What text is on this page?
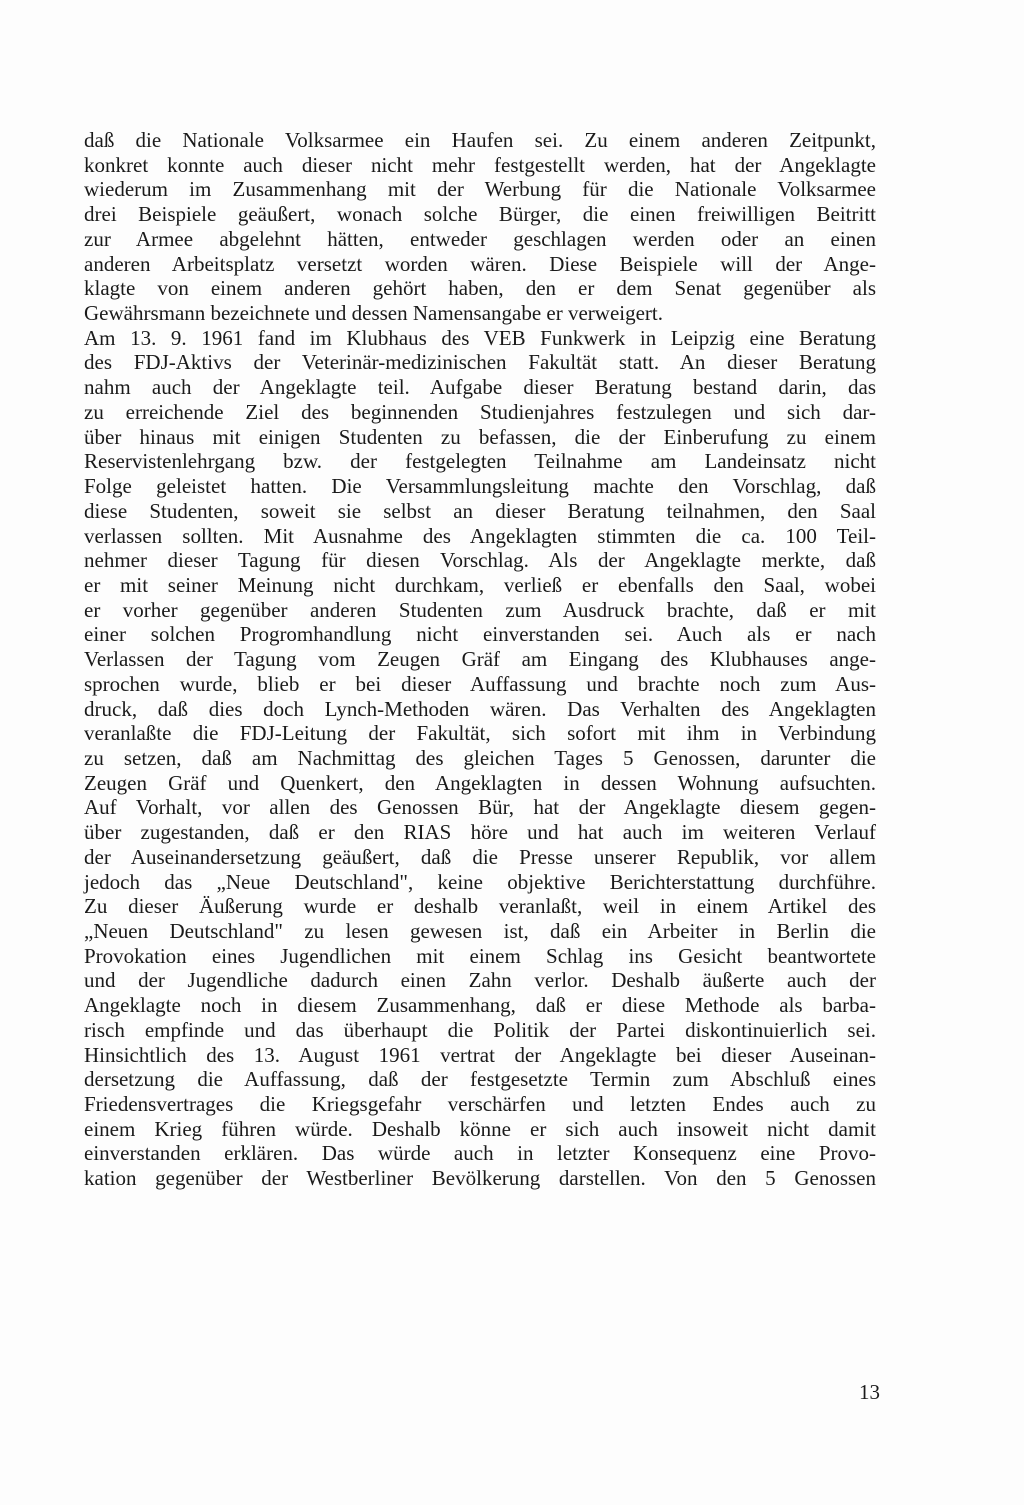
daß die Nationale Volksarmee ein Haufen sei. Zu einem anderen Zeitpunkt,
konkret konnte auch dieser nicht mehr festgestellt werden, hat der Angeklagte
wiederum im Zusammenhang mit der Werbung für die Nationale Volksarmee
drei Beispiele geäußert, wonach solche Bürger, die einen freiwilligen Beitritt
zur Armee abgelehnt hätten, entweder geschlagen werden oder an einen
anderen Arbeitsplatz versetzt worden wären. Diese Beispiele will der Ange-
klagte von einem anderen gehört haben, den er dem Senat gegenüber als
Gewährsmann bezeichnete und dessen Namensangabe er verweigert.
Am 13. 9. 1961 fand im Klubhaus des VEB Funkwerk in Leipzig eine Beratung
des FDJ-Aktivs der Veterinär-medizinischen Fakultät statt. An dieser Beratung
nahm auch der Angeklagte teil. Aufgabe dieser Beratung bestand darin, das
zu erreichende Ziel des beginnenden Studienjahres festzulegen und sich dar-
über hinaus mit einigen Studenten zu befassen, die der Einberufung zu einem
Reservistenlehrgang bzw. der festgelegten Teilnahme am Landeinsatz nicht
Folge geleistet hatten. Die Versammlungsleitung machte den Vorschlag, daß
diese Studenten, soweit sie selbst an dieser Beratung teilnahmen, den Saal
verlassen sollten. Mit Ausnahme des Angeklagten stimmten die ca. 100 Teil-
nehmer dieser Tagung für diesen Vorschlag. Als der Angeklagte merkte, daß
er mit seiner Meinung nicht durchkam, verließ er ebenfalls den Saal, wobei
er vorher gegenüber anderen Studenten zum Ausdruck brachte, daß er mit
einer solchen Progromhandlung nicht einverstanden sei. Auch als er nach
Verlassen der Tagung vom Zeugen Gräf am Eingang des Klubhauses ange-
sprochen wurde, blieb er bei dieser Auffassung und brachte noch zum Aus-
druck, daß dies doch Lynch-Methoden wären. Das Verhalten des Angeklagten
veranlaßte die FDJ-Leitung der Fakultät, sich sofort mit ihm in Verbindung
zu setzen, daß am Nachmittag des gleichen Tages 5 Genossen, darunter die
Zeugen Gräf und Quenkert, den Angeklagten in dessen Wohnung aufsuchten.
Auf Vorhalt, vor allen des Genossen Bür, hat der Angeklagte diesem gegen-
über zugestanden, daß er den RIAS höre und hat auch im weiteren Verlauf
der Auseinandersetzung geäußert, daß die Presse unserer Republik, vor allem
jedoch das „Neue Deutschland", keine objektive Berichterstattung durchführe.
Zu dieser Äußerung wurde er deshalb veranlaßt, weil in einem Artikel des
„Neuen Deutschland" zu lesen gewesen ist, daß ein Arbeiter in Berlin die
Provokation eines Jugendlichen mit einem Schlag ins Gesicht beantwortete
und der Jugendliche dadurch einen Zahn verlor. Deshalb äußerte auch der
Angeklagte noch in diesem Zusammenhang, daß er diese Methode als barba-
risch empfinde und das überhaupt die Politik der Partei diskontinuierlich sei.
Hinsichtlich des 13. August 1961 vertrat der Angeklagte bei dieser Auseinan-
dersetzung die Auffassung, daß der festgesetzte Termin zum Abschluß eines
Friedensvertrages die Kriegsgefahr verschärfen und letzten Endes auch zu
einem Krieg führen würde. Deshalb könne er sich auch insoweit nicht damit
einverstanden erklären. Das würde auch in letzter Konsequenz eine Provo-
kation gegenüber der Westberliner Bevölkerung darstellen. Von den 5 Genossen
13
